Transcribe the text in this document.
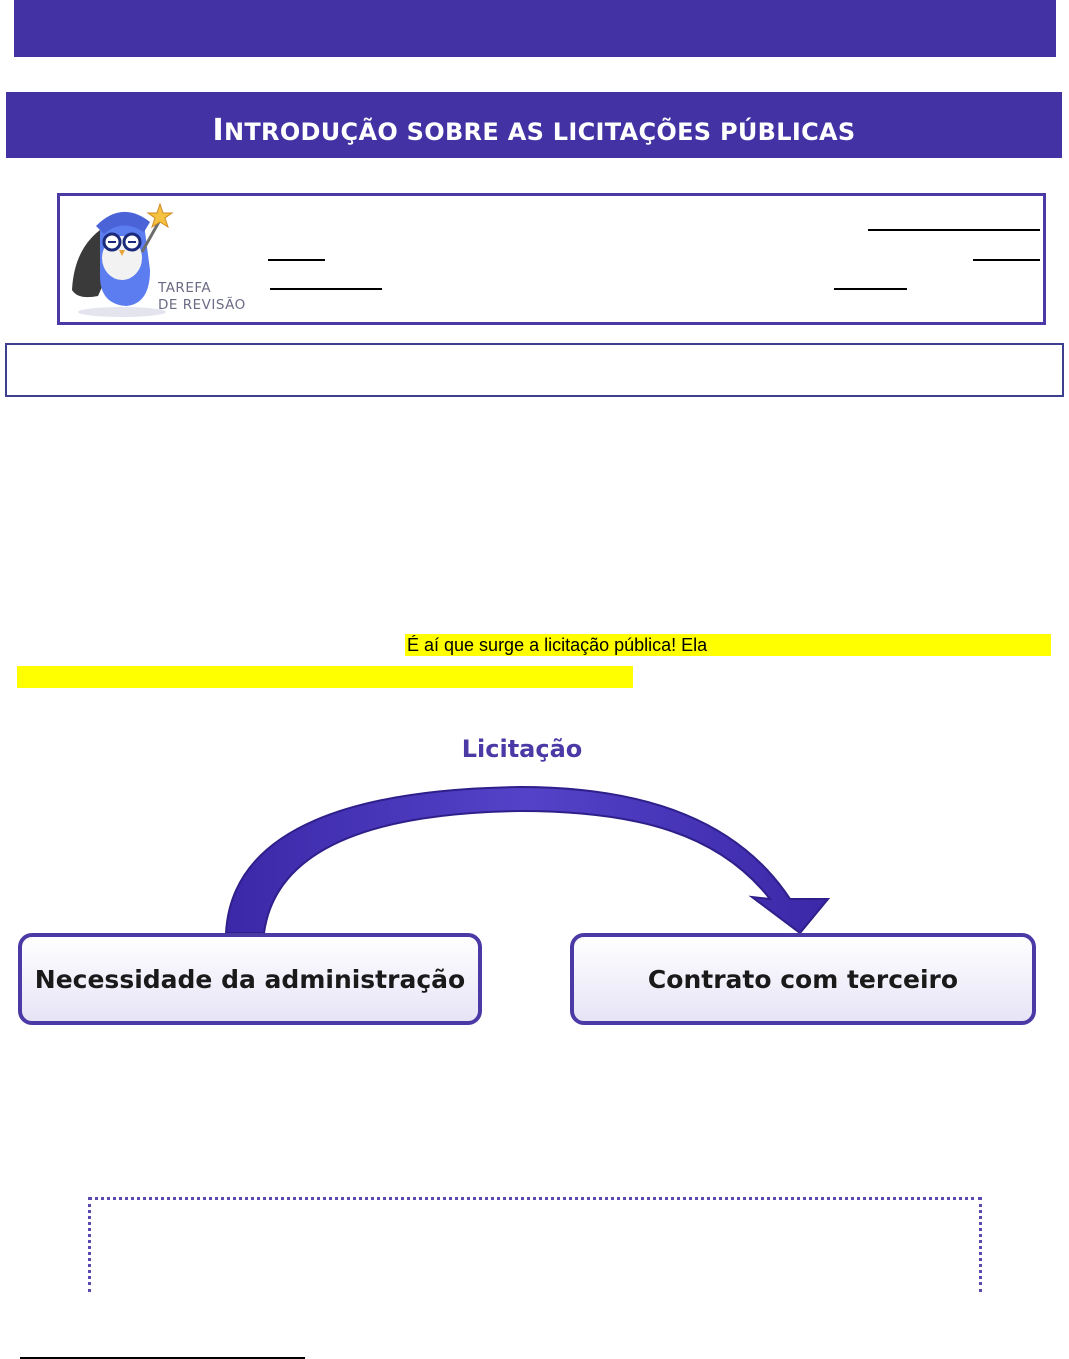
INTRODUÇÃO SOBRE AS LICITAÇÕES PÚBLICAS
TAREFA
DE REVISÃO
É aí que surge a licitação pública! Ela
Licitação
Necessidade da administração	Contrato com terceiro
